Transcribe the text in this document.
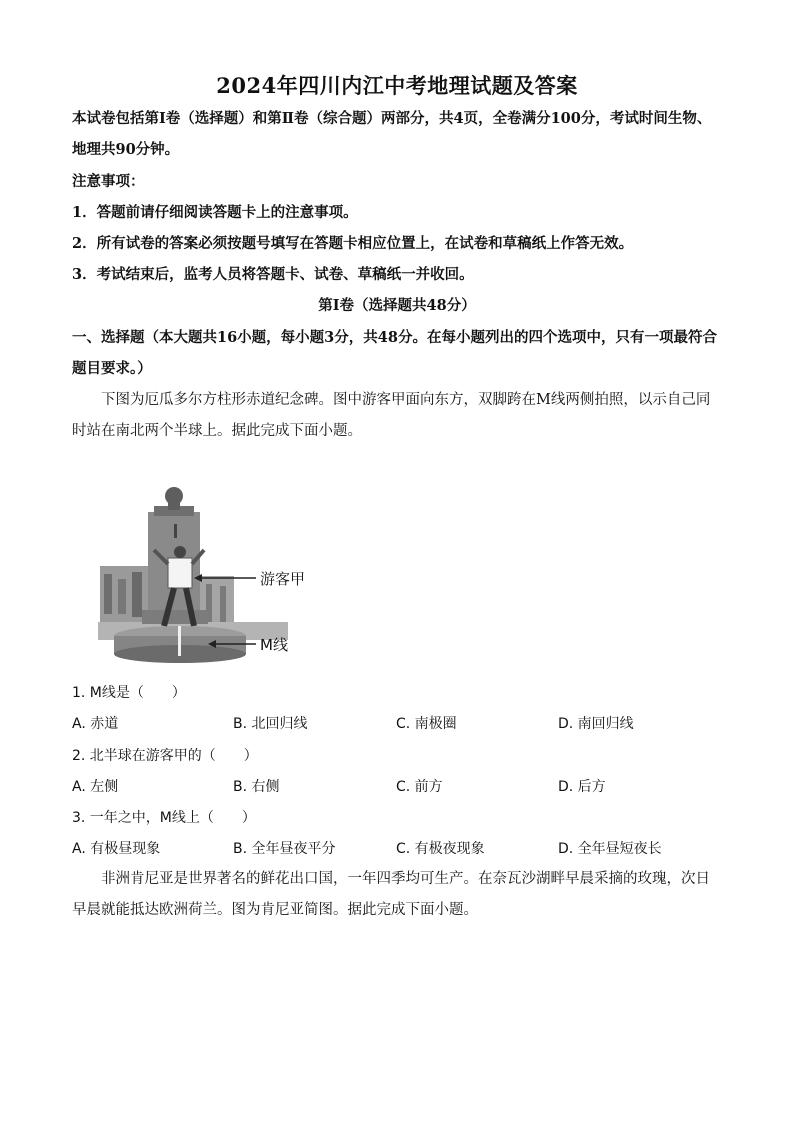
2024年四川内江中考地理试题及答案
本试卷包括第Ⅰ卷（选择题）和第Ⅱ卷（综合题）两部分，共4页，全卷满分100分，考试时间生物、地理共90分钟。
注意事项：
1．答题前请仔细阅读答题卡上的注意事项。
2．所有试卷的答案必须按题号填写在答题卡相应位置上，在试卷和草稿纸上作答无效。
3．考试结束后，监考人员将答题卡、试卷、草稿纸一并收回。
第Ⅰ卷（选择题共48分）
一、选择题（本大题共16小题，每小题3分，共48分。在每小题列出的四个选项中，只有一项最符合题目要求。）
下图为厄瓜多尔方柱形赤道纪念碑。图中游客甲面向东方，双脚跨在M线两侧拍照，以示自己同时站在南北两个半球上。据此完成下面小题。
游客甲
M线
1. M线是（　　）
A. 赤道	B. 北回归线	C. 南极圈	D. 南回归线
2. 北半球在游客甲的（　　）
A. 左侧	B. 右侧	C. 前方	D. 后方
3. 一年之中，M线上（　　）
A. 有极昼现象	B. 全年昼夜平分	C. 有极夜现象	D. 全年昼短夜长
非洲肯尼亚是世界著名的鲜花出口国，一年四季均可生产。在奈瓦沙湖畔早晨采摘的玫瑰，次日早晨就能抵达欧洲荷兰。图为肯尼亚简图。据此完成下面小题。
